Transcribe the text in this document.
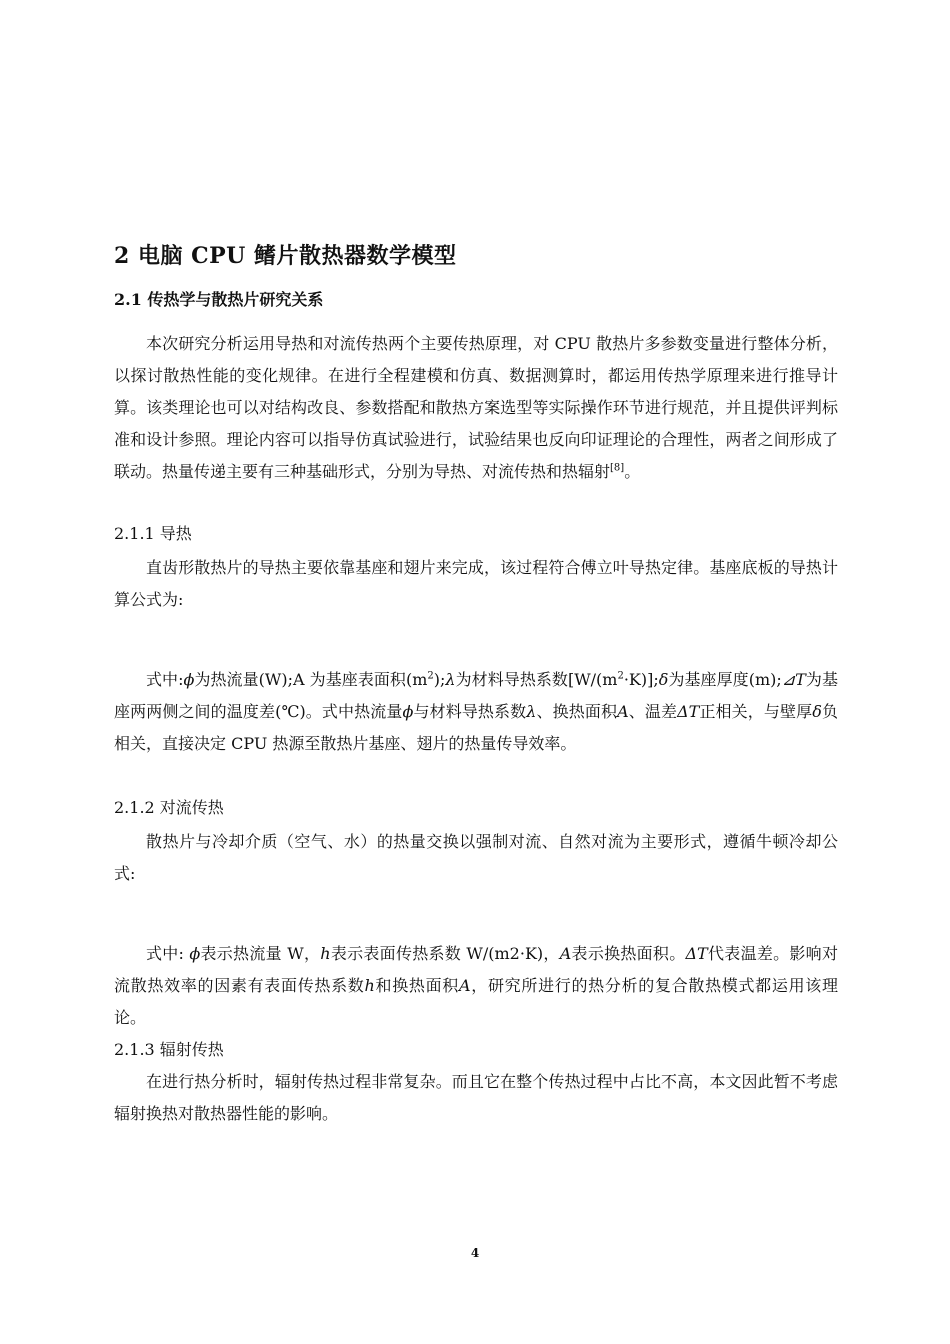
2 电脑 CPU 鳍片散热器数学模型
2.1 传热学与散热片研究关系

本次研究分析运用导热和对流传热两个主要传热原理，对 CPU 散热片多参数变量进行整体分析，以探讨散热性能的变化规律。在进行全程建模和仿真、数据测算时，都运用传热学原理来进行推导计算。该类理论也可以对结构改良、参数搭配和散热方案选型等实际操作环节进行规范，并且提供评判标准和设计参照。理论内容可以指导仿真试验进行，试验结果也反向印证理论的合理性，两者之间形成了联动。热量传递主要有三种基础形式，分别为导热、对流传热和热辐射[8]。

2.1.1 导热

直齿形散热片的导热主要依靠基座和翅片来完成，该过程符合傅立叶导热定律。基座底板的导热计算公式为:

式中:ϕ为热流量(W);A 为基座表面积$(m^2);\lambda$为材料导热系数$[W/(m^2\cdot K)];\delta$为基座厚度(m);⊿T为基座两两侧之间的温度差(℃)。式中热流量ϕ与材料导热系数λ、换热面积A、温差ΔT正相关，与壁厚δ负相关，直接决定 CPU 热源至散热片基座、翅片的热量传导效率。

2.1.2 对流传热

散热片与冷却介质（空气、水）的热量交换以强制对流、自然对流为主要形式，遵循牛顿冷却公式:

式中: ϕ表示热流量 W，h表示表面传热系数 W/(m2·K)，A表示换热面积。ΔT代表温差。影响对流散热效率的因素有表面传热系数h和换热面积A，研究所进行的热分析的复合散热模式都运用该理论。

2.1.3 辐射传热

在进行热分析时，辐射传热过程非常复杂。而且它在整个传热过程中占比不高，本文因此暂不考虑辐射换热对散热器性能的影响。

4
